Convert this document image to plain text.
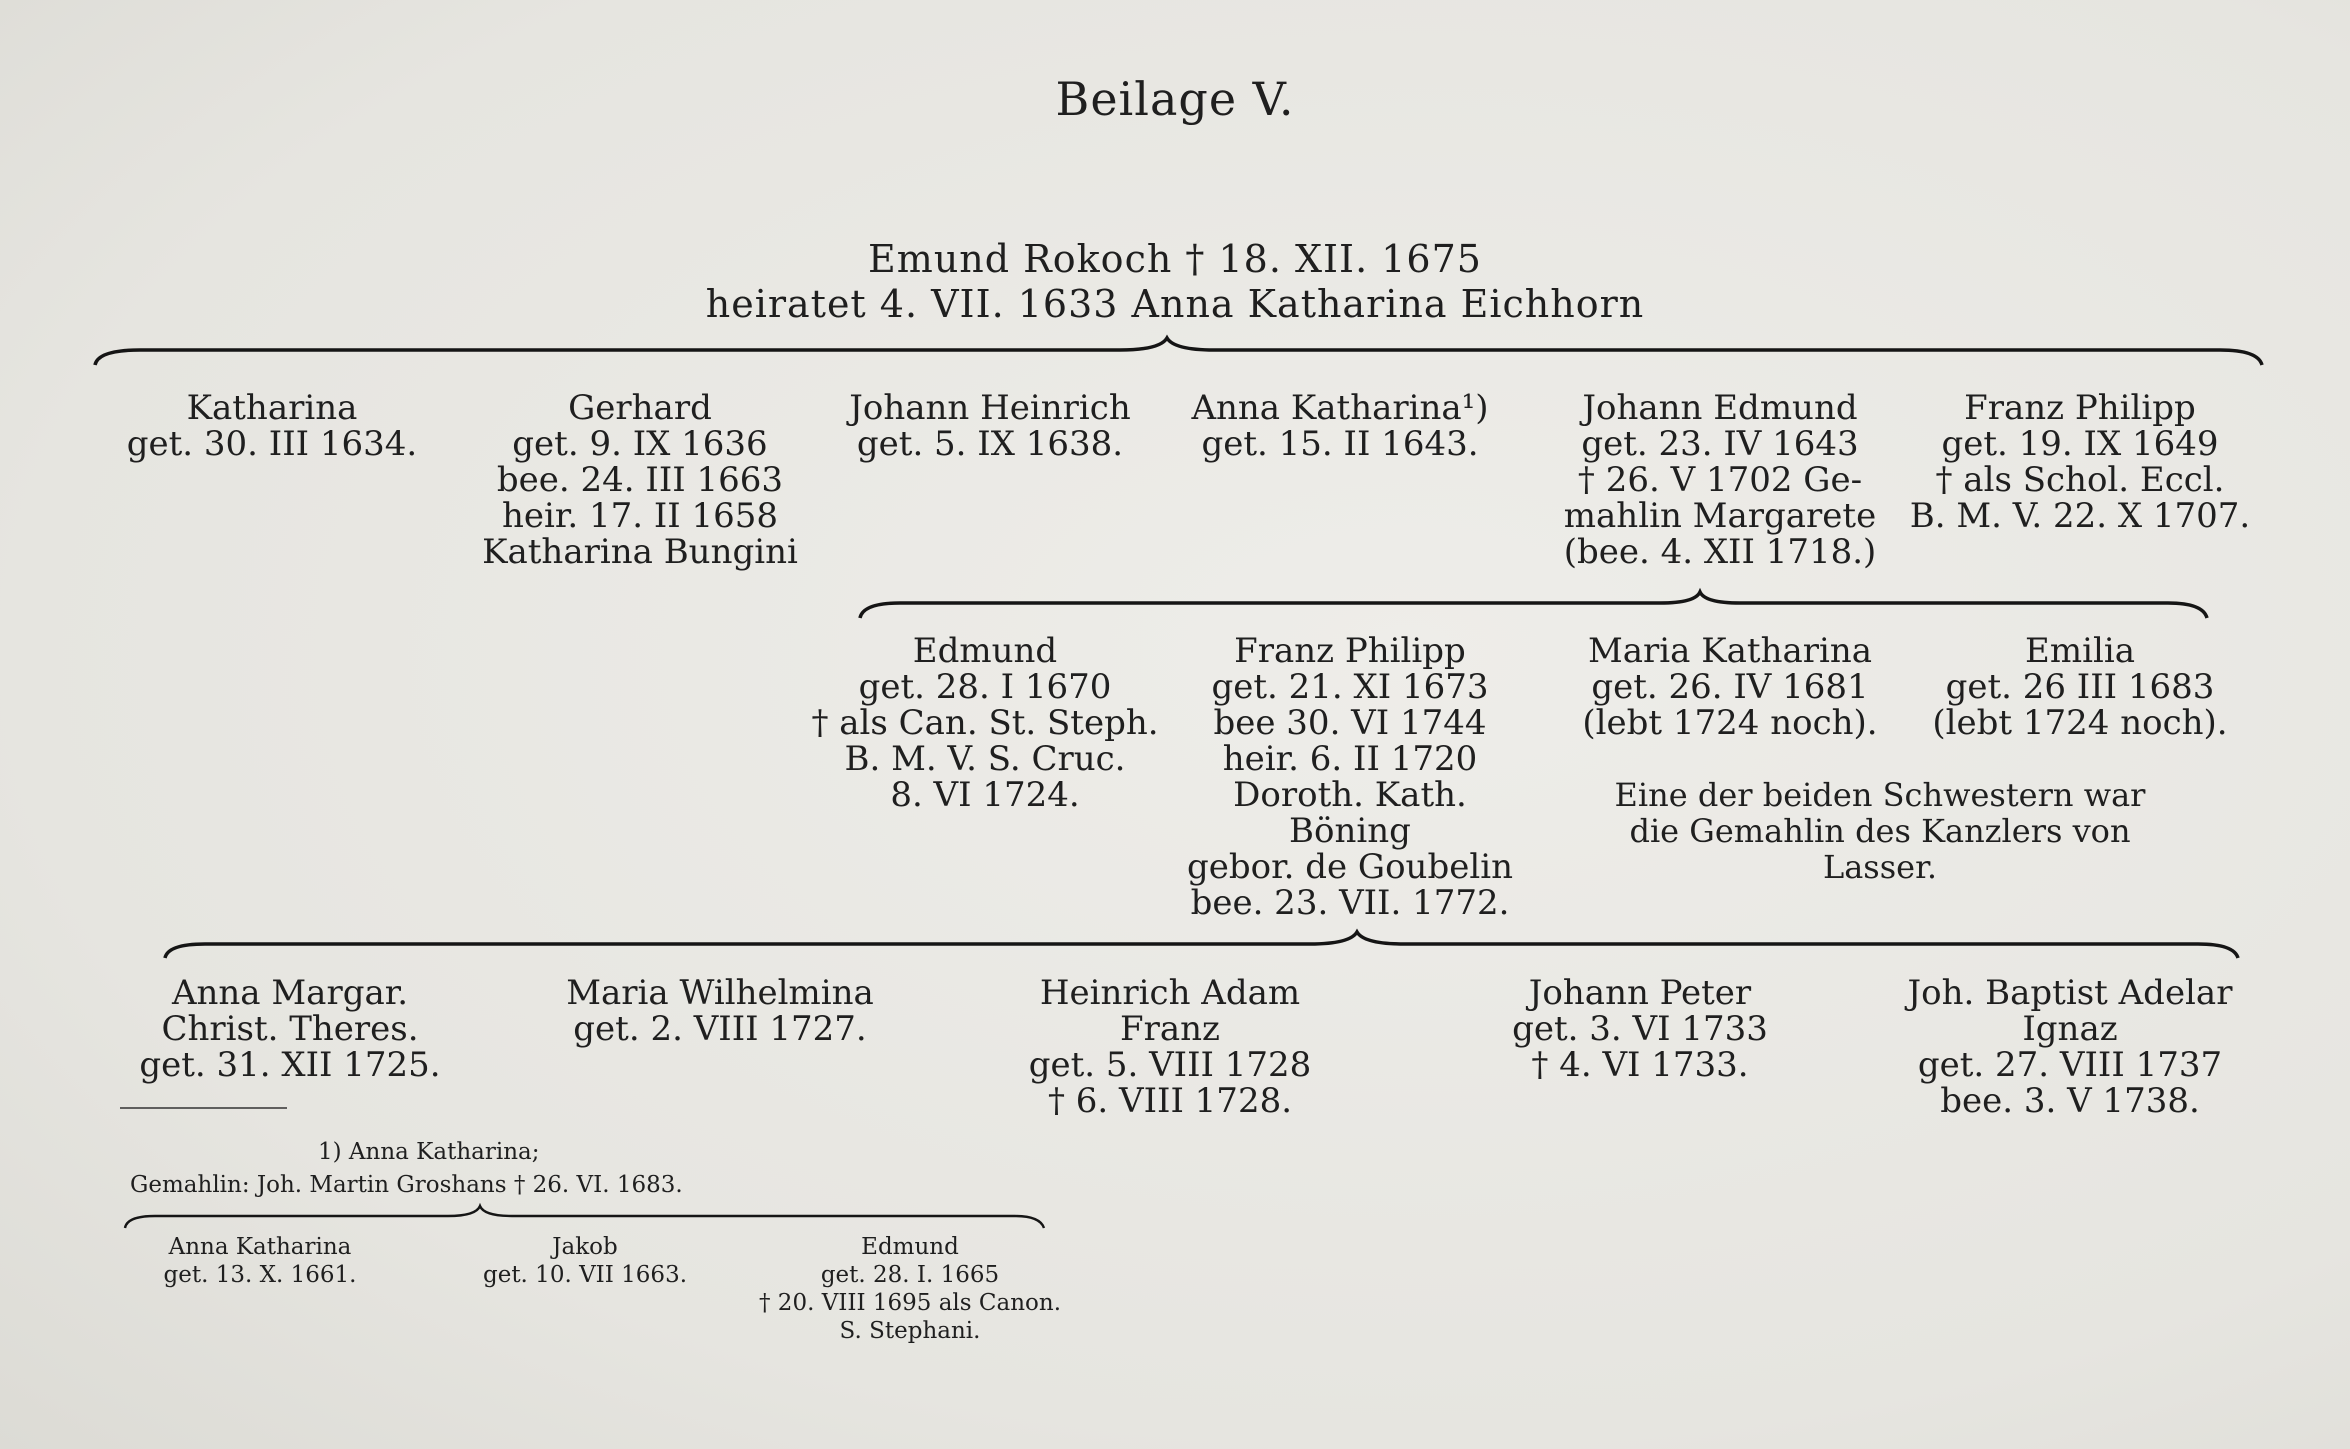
Beilage V.
Emund Rokoch † 18. XII. 1675
heiratet 4. VII. 1633 Anna Katharina Eichhorn
Katharina
get. 30. III 1634.
Gerhard
get. 9. IX 1636
bee. 24. III 1663
heir. 17. II 1658
Katharina Bungini
Johann Heinrich
get. 5. IX 1638.
Anna Katharina¹)
get. 15. II 1643.
Johann Edmund
get. 23. IV 1643
† 26. V 1702 Ge-
mahlin Margarete
(bee. 4. XII 1718.)
Franz Philipp
get. 19. IX 1649
† als Schol. Eccl.
B. M. V. 22. X 1707.
Edmund
get. 28. I 1670
† als Can. St. Steph.
B. M. V. S. Cruc.
8. VI 1724.
Franz Philipp
get. 21. XI 1673
bee 30. VI 1744
heir. 6. II 1720
Doroth. Kath.
Böning
gebor. de Goubelin
bee. 23. VII. 1772.
Maria Katharina
get. 26. IV 1681
(lebt 1724 noch).
Emilia
get. 26 III 1683
(lebt 1724 noch).
Eine der beiden Schwestern war
die Gemahlin des Kanzlers von
Lasser.
Anna Margar.
Christ. Theres.
get. 31. XII 1725.
Maria Wilhelmina
get. 2. VIII 1727.
Heinrich Adam
Franz
get. 5. VIII 1728
† 6. VIII 1728.
Johann Peter
get. 3. VI 1733
† 4. VI 1733.
Joh. Baptist Adelar
Ignaz
get. 27. VIII 1737
bee. 3. V 1738.
1) Anna Katharina;
Gemahlin: Joh. Martin Groshans † 26. VI. 1683.
Anna Katharina
get. 13. X. 1661.
Jakob
get. 10. VII 1663.
Edmund
get. 28. I. 1665
† 20. VIII 1695 als Canon.
S. Stephani.
